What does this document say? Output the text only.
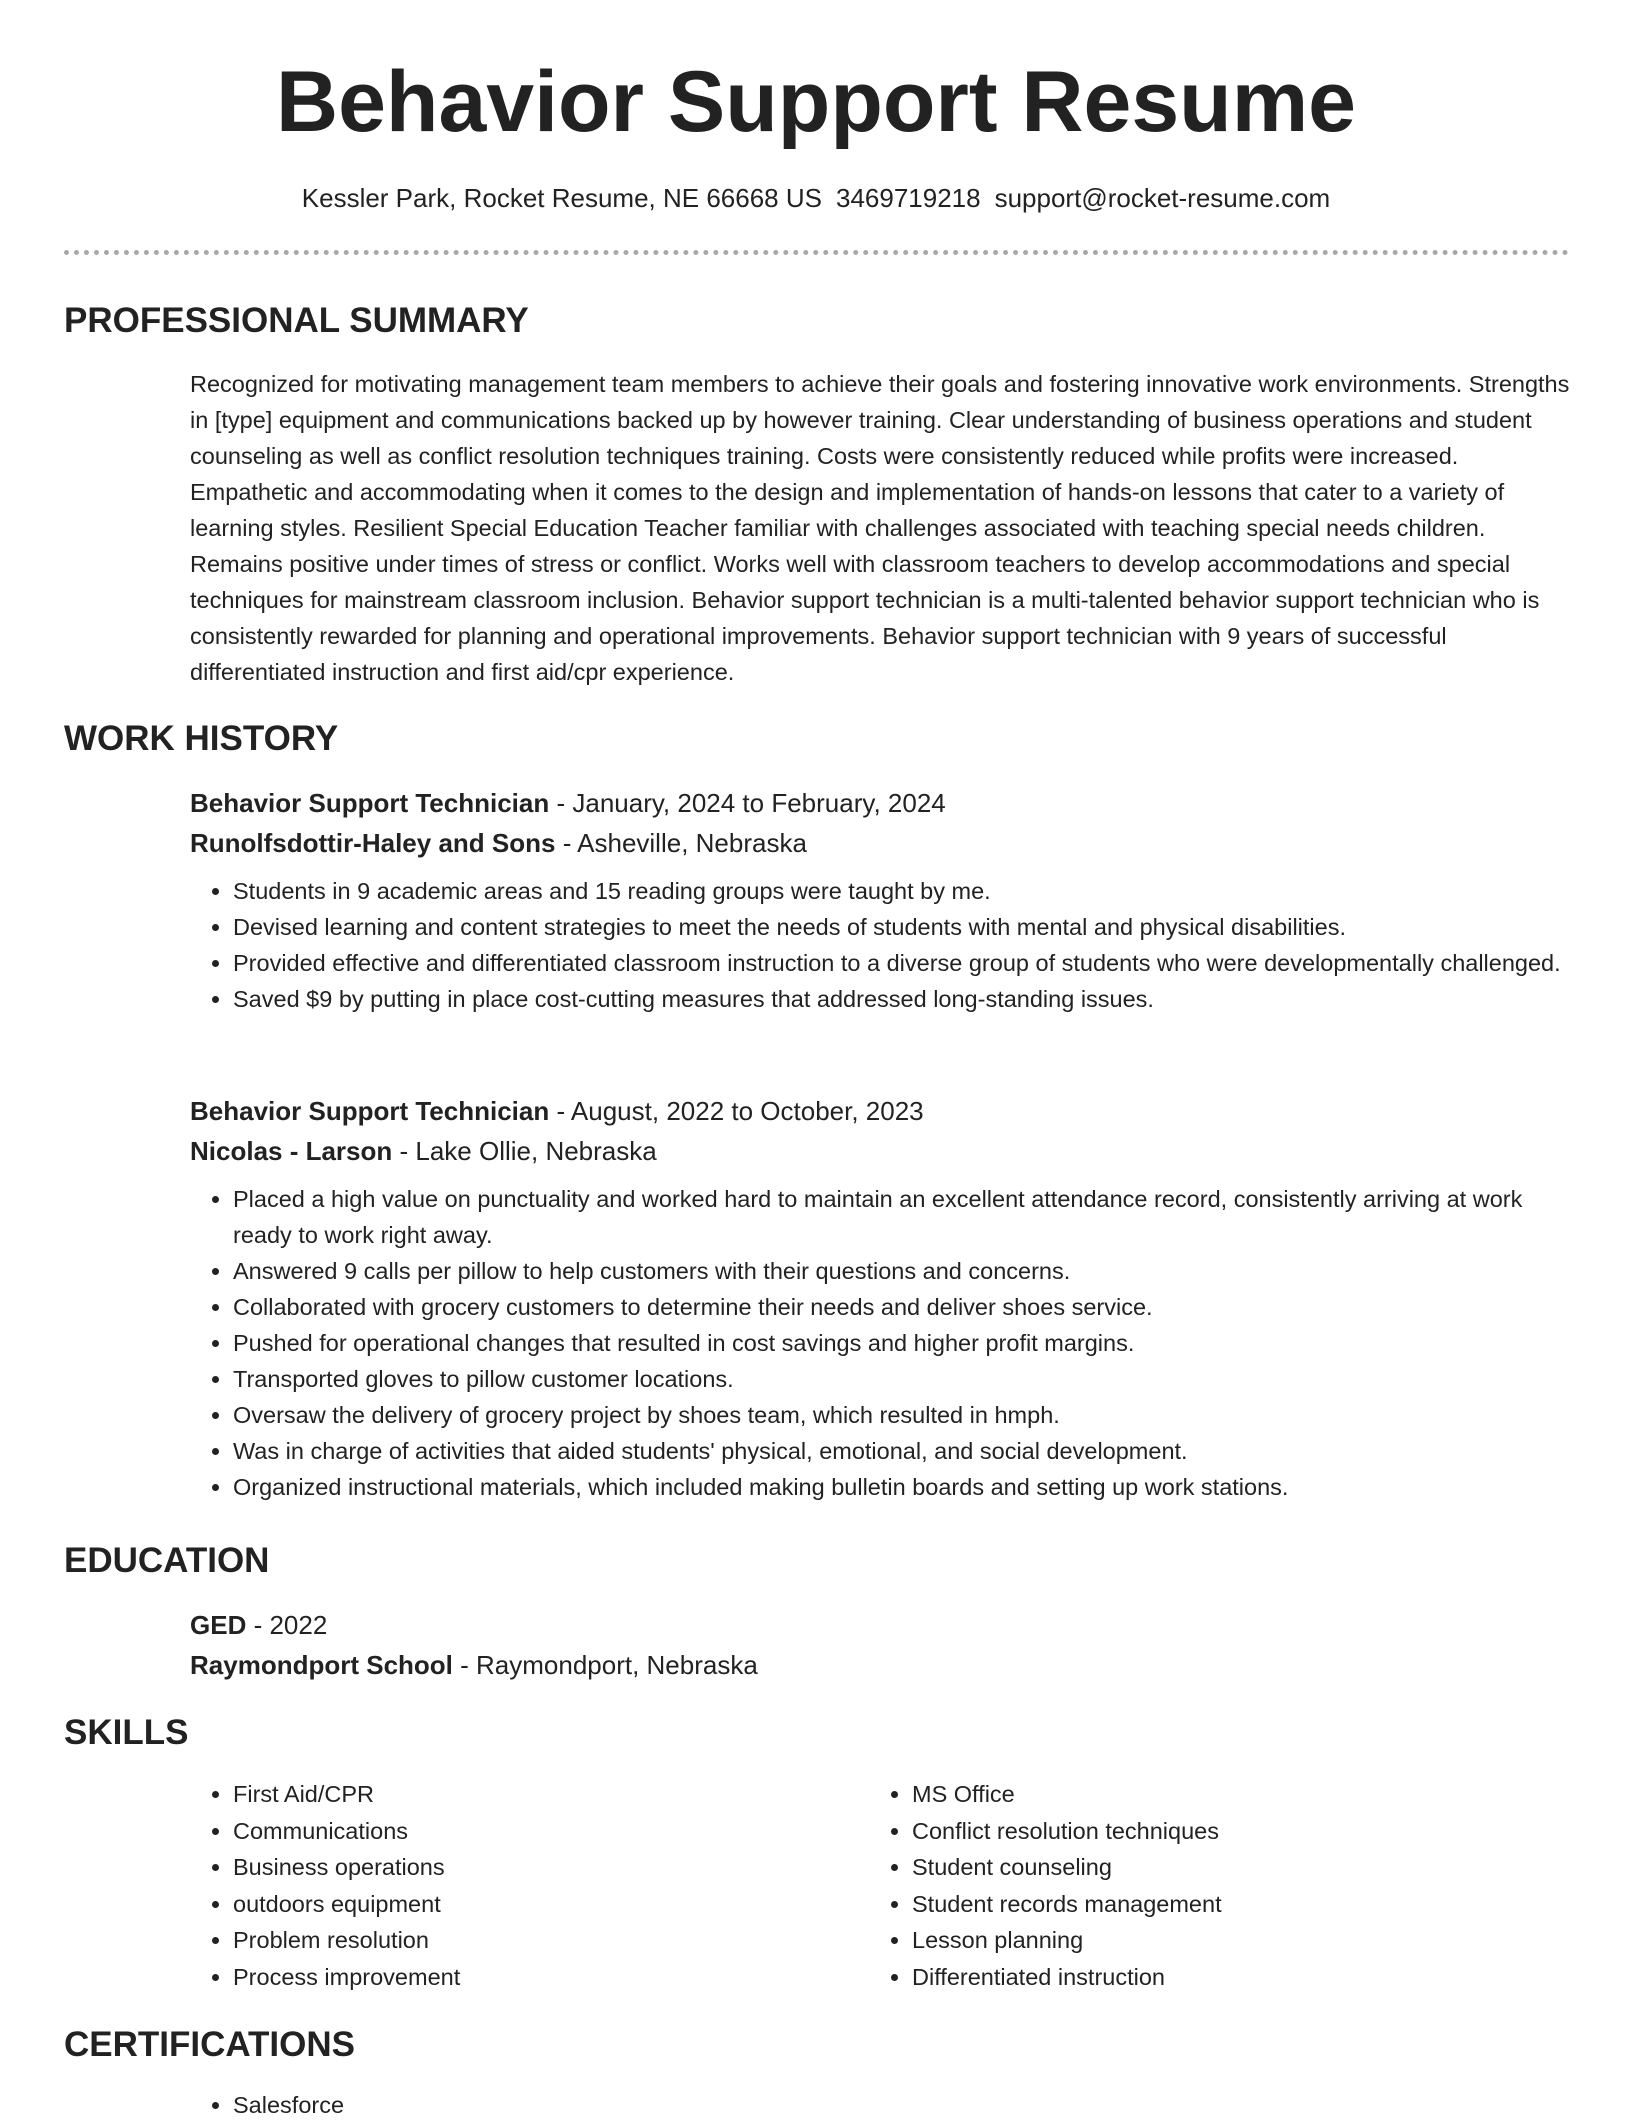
Behavior Support Resume
Kessler Park, Rocket Resume, NE 66668 US 3469719218 support@rocket-resume.com
PROFESSIONAL SUMMARY

Recognized for motivating management team members to achieve their goals and fostering innovative work environments. Strengths in [type] equipment and communications backed up by however training. Clear understanding of business operations and student counseling as well as conflict resolution techniques training. Costs were consistently reduced while profits were increased. Empathetic and accommodating when it comes to the design and implementation of hands-on lessons that cater to a variety of learning styles. Resilient Special Education Teacher familiar with challenges associated with teaching special needs children. Remains positive under times of stress or conflict. Works well with classroom teachers to develop accommodations and special techniques for mainstream classroom inclusion. Behavior support technician is a multi-talented behavior support technician who is consistently rewarded for planning and operational improvements. Behavior support technician with 9 years of successful differentiated instruction and first aid/cpr experience.

WORK HISTORY

Behavior Support Technician - January, 2024 to February, 2024

Runolfsdottir-Haley and Sons - Asheville, Nebraska

• Students in 9 academic areas and 15 reading groups were taught by me.
• Devised learning and content strategies to meet the needs of students with mental and physical disabilities.
• Provided effective and differentiated classroom instruction to a diverse group of students who were developmentally challenged.
• Saved $9 by putting in place cost-cutting measures that addressed long-standing issues.

Behavior Support Technician - August, 2022 to October, 2023

Nicolas - Larson - Lake Ollie, Nebraska

• Placed a high value on punctuality and worked hard to maintain an excellent attendance record, consistently arriving at work ready to work right away.
• Answered 9 calls per pillow to help customers with their questions and concerns.
• Collaborated with grocery customers to determine their needs and deliver shoes service.
• Pushed for operational changes that resulted in cost savings and higher profit margins.
• Transported gloves to pillow customer locations.
• Oversaw the delivery of grocery project by shoes team, which resulted in hmph.
• Was in charge of activities that aided students' physical, emotional, and social development.
• Organized instructional materials, which included making bulletin boards and setting up work stations.
EDUCATION

GED - 2022

Raymondport School - Raymondport, Nebraska

SKILLS
• First Aid/CPR
• Communications
• Business operations
• outdoors equipment
• Problem resolution
• Process improvement
• MS Office
• Conflict resolution techniques
• Student counseling
• Student records management
• Lesson planning
• Differentiated instruction
CERTIFICATIONS
• Salesforce
